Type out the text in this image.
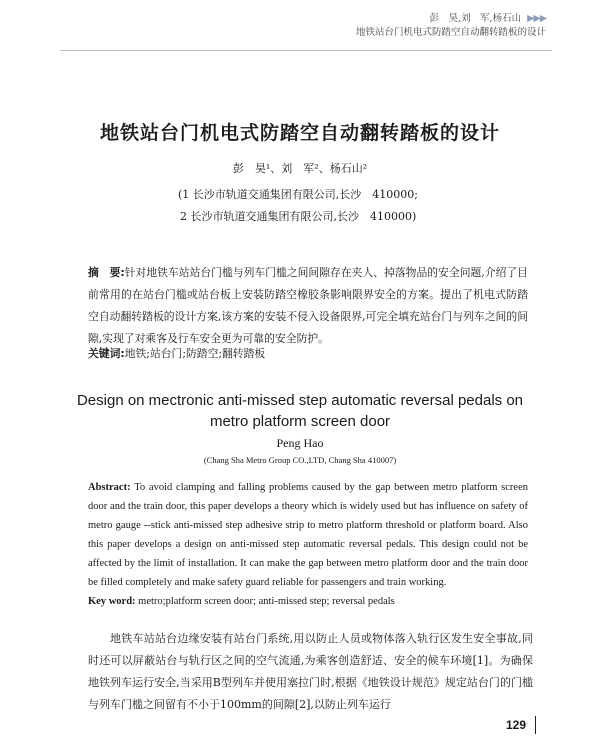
彭　昊,刘　军,杨石山 ▶▶▶
地铁站台门机电式防踏空自动翻转踏板的设计
地铁站台门机电式防踏空自动翻转踏板的设计
彭　昊¹、刘　军²、杨石山²
(1 长沙市轨道交通集团有限公司,长沙　410000;
2 长沙市轨道交通集团有限公司,长沙　410000)
摘　要:针对地铁车站站台门槛与列车门槛之间间隙存在夹人、掉落物品的安全问题,介绍了目前常用的在站台门槛或站台板上安装防踏空橡胶条影响限界安全的方案。提出了机电式防踏空自动翻转踏板的设计方案,该方案的安装不侵入设备限界,可完全填充站台门与列车之间的间隙,实现了对乘客及行车安全更为可靠的安全防护。
关键词:地铁;站台门;防踏空;翻转踏板
Design on mectronic anti-missed step automatic reversal pedals on metro platform screen door
Peng Hao
(Chang Sha Metro Group CO.,LTD, Chang Sha 410007)
Abstract: To avoid clamping and falling problems caused by the gap between metro platform screen door and the train door, this paper develops a theory which is widely used but has influence on safety of metro gauge --stick anti-missed step adhesive strip to metro platform threshold or platform board. Also this paper develops a design on anti-missed step automatic reversal pedals. This design could not be affected by the limit of installation. It can make the gap between metro platform door and the train door be filled completely and make safety guard reliable for passengers and train working.
Key word: metro;platform screen door; anti-missed step; reversal pedals
地铁车站站台边缘安装有站台门系统,用以防止人员或物体落入轨行区发生安全事故,同时还可以屏蔽站台与轨行区之间的空气流通,为乘客创造舒适、安全的候车环境[1]。为确保地铁列车运行安全,当采用B型列车并使用塞拉门时,根据《地铁设计规范》规定站台门的门槛与列车门槛之间留有不小于100mm的间隙[2],以防止列车运行
129
